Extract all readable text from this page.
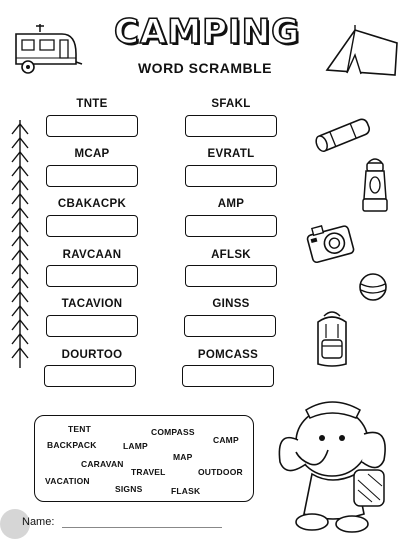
CAMPING
WORD SCRAMBLE
TNTE
MCAP
CBAKACPK
RAVCAAN
TACAVION
DOURTOO
SFAKL
EVRATL
AMP
AFLSK
GINSS
POMCASS
TENT	COMPASS
BACKPACK	LAMP
CAMP
MAP
CARAVAN
TRAVEL	OUTDOOR
VACATION
SIGNS	FLASK
Name:
